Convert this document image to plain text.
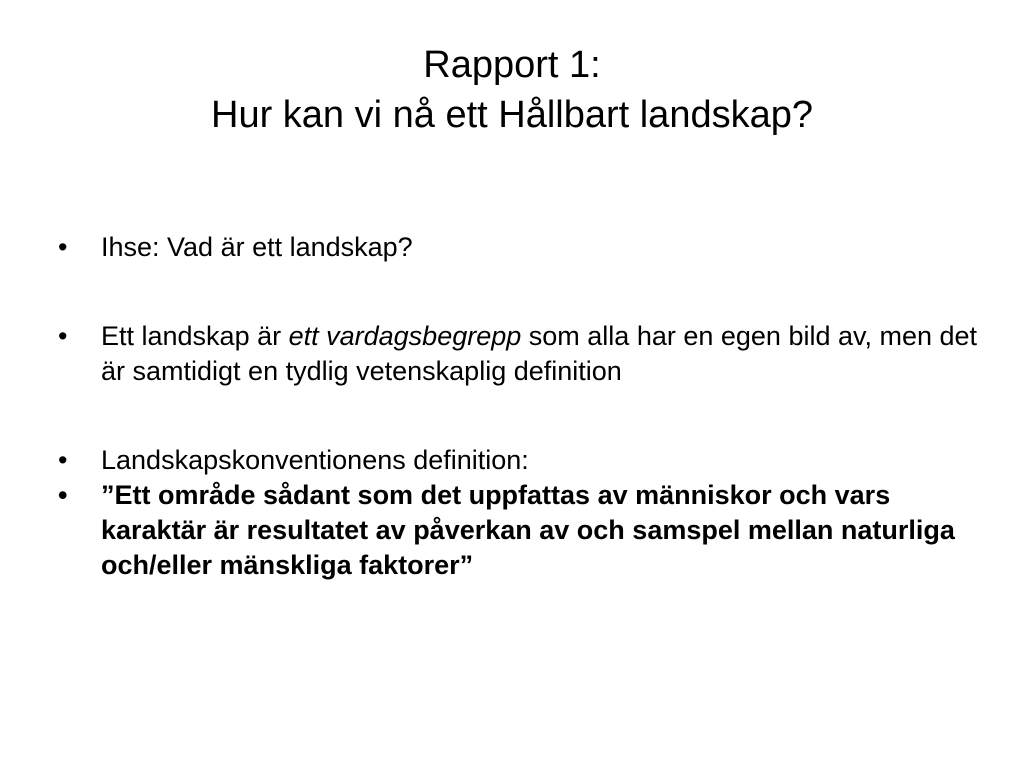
Rapport 1:
Hur kan vi nå ett Hållbart landskap?
• Ihse: Vad är ett landskap?
• Ett landskap är ett vardagsbegrepp som alla har en egen bild av, men det är samtidigt en tydlig vetenskaplig definition
• Landskapskonventionens definition:
• ”Ett område sådant som det uppfattas av människor och vars karaktär är resultatet av påverkan av och samspel mellan naturliga och/eller mänskliga faktorer”
